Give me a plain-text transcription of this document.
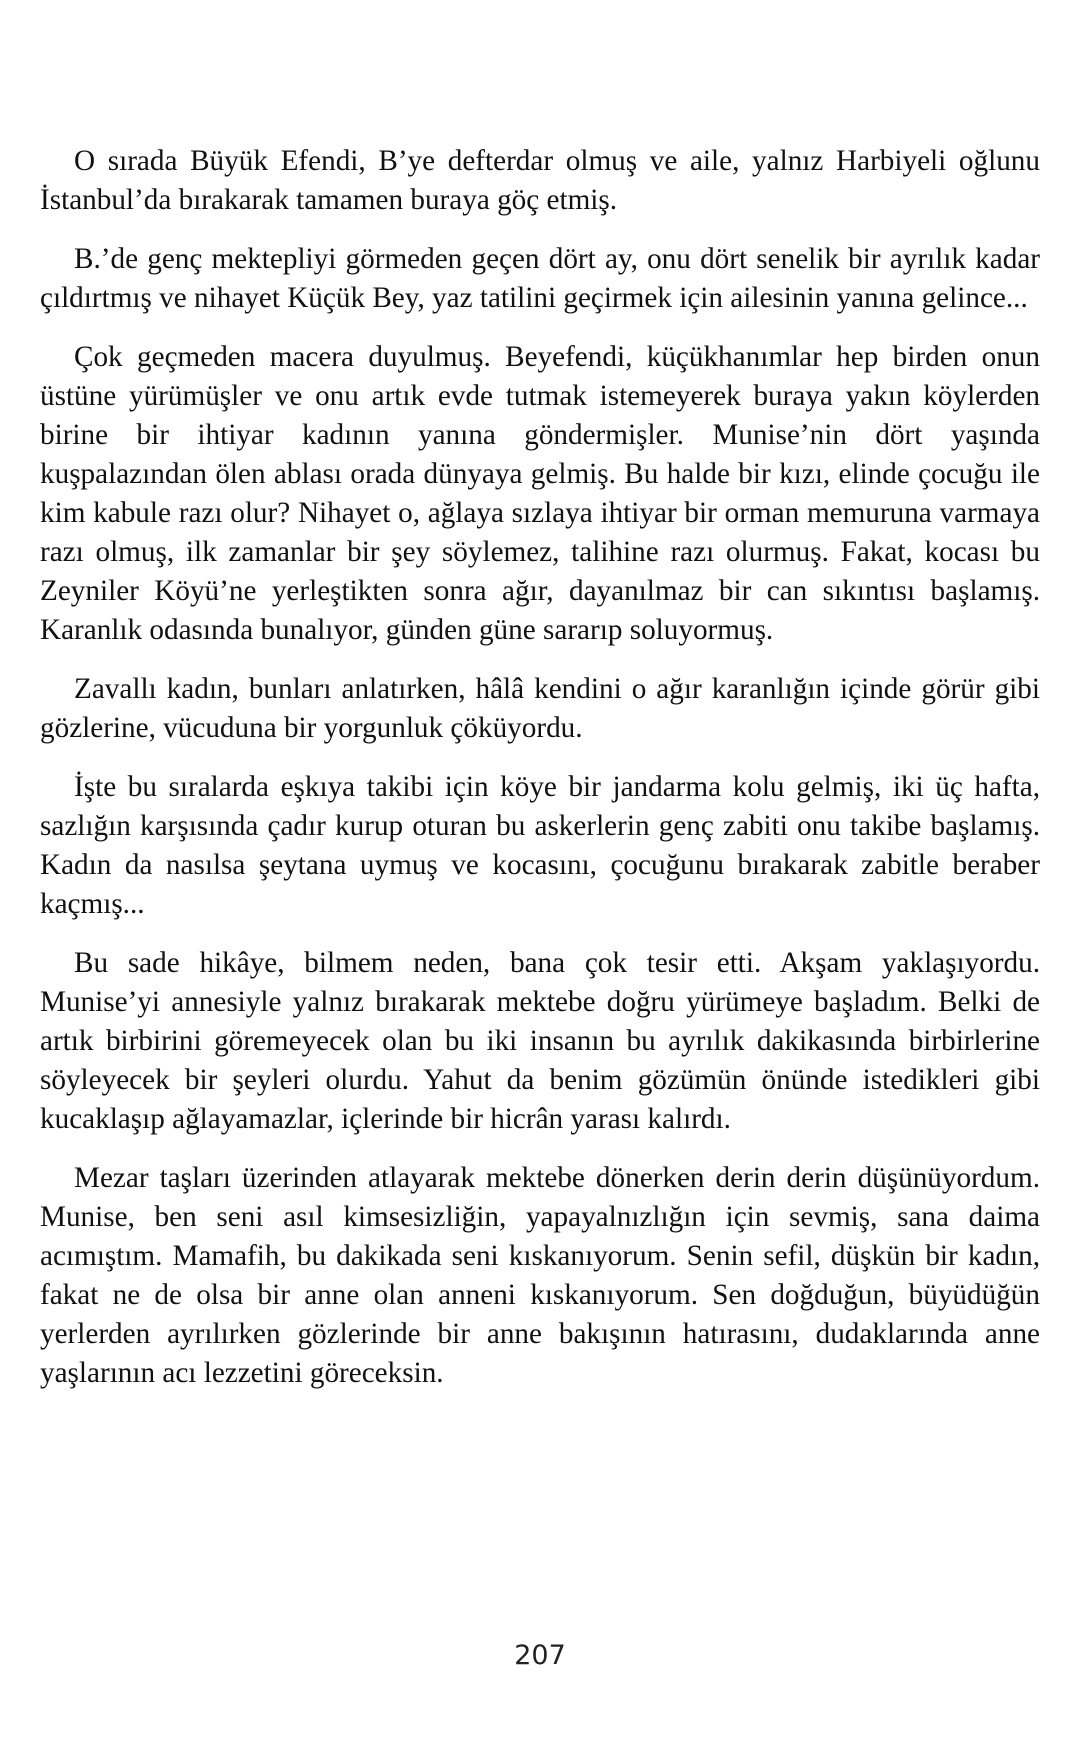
O sırada Büyük Efendi, B’ye defterdar olmuş ve aile, yalnız Harbiyeli oğlunu İstanbul’da bırakarak tamamen buraya göç etmiş.

B.’de genç mektepliyi görmeden geçen dört ay, onu dört senelik bir ayrılık kadar çıldırtmış ve nihayet Küçük Bey, yaz tatilini geçirmek için ailesinin yanına gelince...

Çok geçmeden macera duyulmuş. Beyefendi, küçükhanımlar hep birden onun üstüne yürümüşler ve onu artık evde tutmak istemeyerek buraya yakın köylerden birine bir ihtiyar kadının yanına göndermişler. Munise’nin dört yaşında kuşpalazından ölen ablası orada dünyaya gelmiş. Bu halde bir kızı, elinde çocuğu ile kim kabule razı olur? Nihayet o, ağlaya sızlaya ihtiyar bir orman memuruna varmaya razı olmuş, ilk zamanlar bir şey söylemez, talihine razı olurmuş. Fakat, kocası bu Zeyniler Köyü’ne yerleştikten sonra ağır, dayanılmaz bir can sıkıntısı başlamış. Karanlık odasında bunalıyor, günden güne sararıp soluyormuş.

Zavallı kadın, bunları anlatırken, hâlâ kendini o ağır karanlığın içinde görür gibi gözlerine, vücuduna bir yorgunluk çöküyordu.

İşte bu sıralarda eşkıya takibi için köye bir jandarma kolu gelmiş, iki üç hafta, sazlığın karşısında çadır kurup oturan bu askerlerin genç zabiti onu takibe başlamış. Kadın da nasılsa şeytana uymuş ve kocasını, çocuğunu bırakarak zabitle beraber kaçmış...

Bu sade hikâye, bilmem neden, bana çok tesir etti. Akşam yaklaşıyordu. Munise’yi annesiyle yalnız bırakarak mektebe doğru yürümeye başladım. Belki de artık birbirini göremeyecek olan bu iki insanın bu ayrılık dakikasında birbirlerine söyleyecek bir şeyleri olurdu. Yahut da benim gözümün önünde istedikleri gibi kucaklaşıp ağlayamazlar, içlerinde bir hicrân yarası kalırdı.

Mezar taşları üzerinden atlayarak mektebe dönerken derin derin düşünüyordum. Munise, ben seni asıl kimsesizliğin, yapayalnızlığın için sevmiş, sana daima acımıştım. Mamafih, bu dakikada seni kıskanıyorum. Senin sefil, düşkün bir kadın, fakat ne de olsa bir anne olan anneni kıskanıyorum. Sen doğduğun, büyüdüğün yerlerden ayrılırken gözlerinde bir anne bakışının hatırasını, dudaklarında anne yaşlarının acı lezzetini göreceksin.

207
